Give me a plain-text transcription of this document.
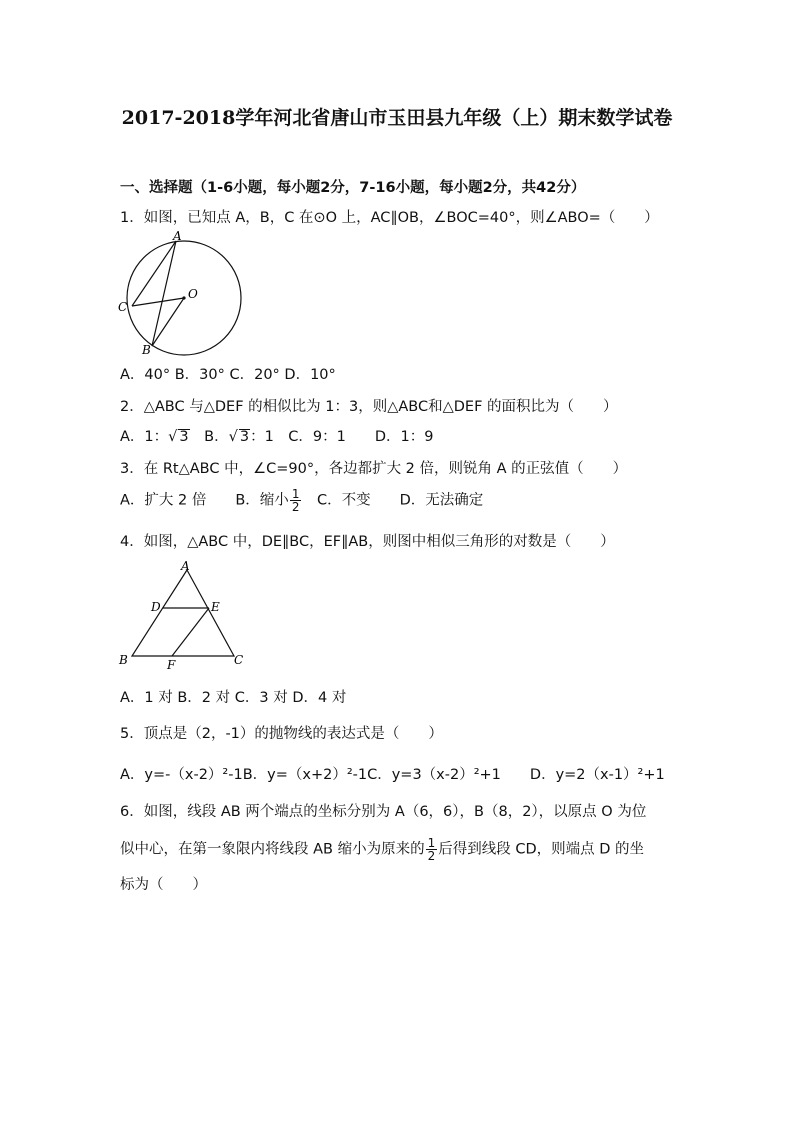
2017-2018学年河北省唐山市玉田县九年级（上）期末数学试卷
一、选择题（1-6小题，每小题2分，7-16小题，每小题2分，共42分）
1．如图，已知点 A，B，C 在⊙O 上，AC∥OB，∠BOC=40°，则∠ABO=（　　）
A
C
O
B
A．40° B．30° C．20° D．10°
2．△ABC 与△DEF 的相似比为 1：3，则△ABC和△DEF 的面积比为（　　）
A．1：√ 3　B．√ 3：1　C．9：1　　D．1：9
3．在 Rt△ABC 中，∠C=90°，各边都扩大 2 倍，则锐角 A 的正弦值（　　）
A．扩大 2 倍　　B．缩小 $\frac{1}{2}$ 　C．不变　　D．无法确定
4．如图，△ABC 中，DE∥BC，EF∥AB，则图中相似三角形的对数是（　　）
A
D	E
B	F	C
A．1 对 B．2 对 C．3 对 D．4 对
5．顶点是（2，-1）的抛物线的表达式是（　　）
A．y=-（x-2）²-1B．y=（x+2）²-1C．y=3（x-2）²+1　　D．y=2（x-1）²+1
6．如图，线段 AB 两个端点的坐标分别为 A（6，6），B（8，2），以原点 O 为位
似中心，在第一象限内将线段 AB 缩小为原来的 $\frac{1}{2}$ 后得到线段 CD，则端点 D 的坐
标为（　　）
